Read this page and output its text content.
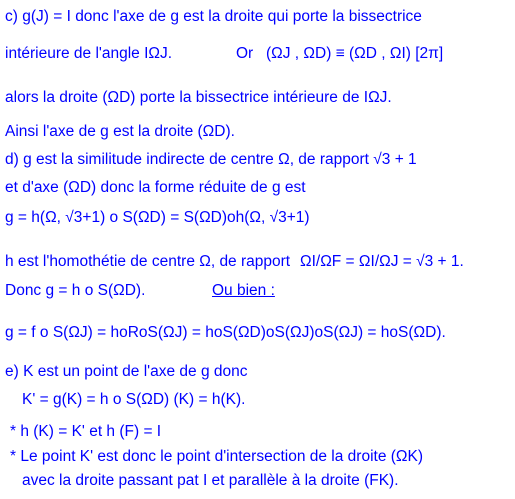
c) g(J) = I donc l'axe de g est la droite qui porte la bissectrice
intérieure de l'angle IΩJ.	Or (ΩJ , ΩD) ≡ (ΩD , ΩI) [2π]
alors la droite (ΩD) porte la bissectrice intérieure de IΩJ.
Ainsi l'axe de g est la droite (ΩD).
d) g est la similitude indirecte de centre Ω, de rapport √3 + 1
et d'axe (ΩD) donc la forme réduite de g est
g = h(Ω, √3+1) o S(ΩD) = S(ΩD)oh(Ω, √3+1)
h est l'homothétie de centre Ω, de rapport ΩI/ΩF = ΩI/ΩJ = √3 + 1.
Donc g = h o S(ΩD).	Ou bien :
g = f o S(ΩJ) = hoRoS(ΩJ) = hoS(ΩD)oS(ΩJ)oS(ΩJ) = hoS(ΩD).
e) K est un point de l'axe de g donc
K' = g(K) = h o S(ΩD) (K) = h(K).
* h (K) = K' et h (F) = I
* Le point K' est donc le point d'intersection de la droite (ΩK)
avec la droite passant pat I et parallèle à la droite (FK).
